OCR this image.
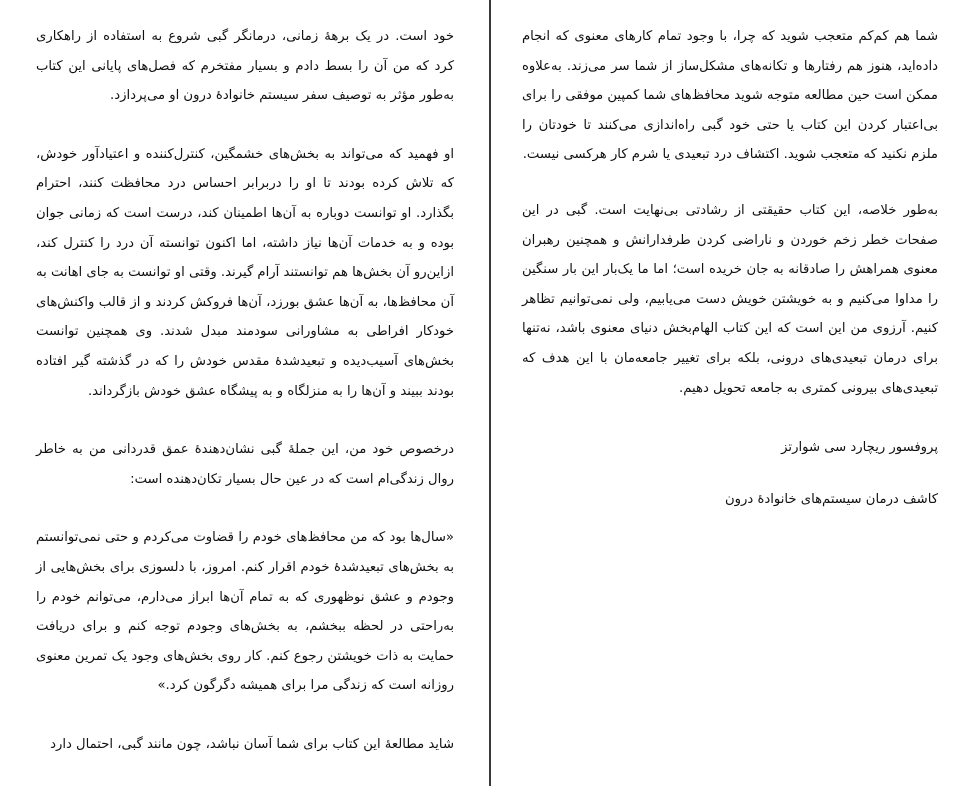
خود است. در یک برههٔ زمانی، درمانگر گبی شروع به استفاده از راهکاری کرد که من آن را بسط دادم و بسیار مفتخرم که فصل‌های پایانی این کتاب به‌طور مؤثر به توصیف سفر سیستم خانوادهٔ درون او می‌پردازد.

او فهمید که می‌تواند به بخش‌های خشمگین، کنترل‌کننده و اعتیادآور خودش، که تلاش کرده بودند تا او را دربرابر احساس درد محافظت کنند، احترام بگذارد. او توانست دوباره به آن‌ها اطمینان کند، درست است که زمانی جوان بوده و به خدمات آن‌ها نیاز داشته، اما اکنون توانسته آن درد را کنترل کند، ازاین‌رو آن بخش‌ها هم توانستند آرام گیرند. وقتی او توانست به جای اهانت به آن محافظ‌ها، به آن‌ها عشق بورزد، آن‌ها فروکش کردند و از قالب واکنش‌های خودکار افراطی به مشاورانی سودمند مبدل شدند. وی همچنین توانست بخش‌های آسیب‌دیده و تبعیدشدهٔ مقدس خودش را که در گذشته گیر افتاده بودند ببیند و آن‌ها را به منزلگاه و به پیشگاه عشق خودش بازگرداند.

درخصوص خود من، این جملهٔ گبی نشان‌دهندهٔ عمق قدردانی من به خاطر روال زندگی‌ام است که در عین حال بسیار تکان‌دهنده است:

«سال‌ها بود که من محافظ‌های خودم را قضاوت می‌کردم و حتی نمی‌توانستم به بخش‌های تبعیدشدهٔ خودم اقرار کنم. امروز، با دلسوزی برای بخش‌هایی از وجودم و عشق نوظهوری که به تمام آن‌ها ابراز می‌دارم، می‌توانم خودم را به‌راحتی در لحظه ببخشم، به بخش‌های وجودم توجه کنم و برای دریافت حمایت به ذات خویشتن رجوع کنم. کار روی بخش‌های وجود یک تمرین معنوی روزانه است که زندگی مرا برای همیشه دگرگون کرد.»

شاید مطالعهٔ این کتاب برای شما آسان نباشد، چون مانند گبی، احتمال دارد

شما هم کم‌کم متعجب شوید که چرا، با وجود تمام کارهای معنوی که انجام داده‌اید، هنوز هم رفتارها و تکانه‌های مشکل‌ساز از شما سر می‌زند. به‌علاوه ممکن است حین مطالعه متوجه شوید محافظ‌های شما کمپین موفقی را برای بی‌اعتبار کردن این کتاب یا حتی خود گبی راه‌اندازی می‌کنند تا خودتان را ملزم نکنید که متعجب شوید. اکتشاف درد تبعیدی یا شرم کار هرکسی نیست.

به‌طور خلاصه، این کتاب حقیقتی از رشادتی بی‌نهایت است. گبی در این صفحات خطر زخم خوردن و ناراضی کردن طرفدارانش و همچنین رهبران معنوی همراهش را صادقانه به جان خریده است؛ اما ما یک‌بار این بار سنگین را مداوا می‌کنیم و به خویشتن خویش دست می‌یابیم، ولی نمی‌توانیم تظاهر کنیم. آرزوی من این است که این کتاب الهام‌بخش دنیای معنوی باشد، نه‌تنها برای درمان تبعیدی‌های درونی، بلکه برای تغییر جامعه‌مان با این هدف که تبعیدی‌های بیرونی کمتری به جامعه تحویل دهیم.

پروفسور ریچارد سی شوارتز

کاشف درمان سیستم‌های خانوادهٔ درون
